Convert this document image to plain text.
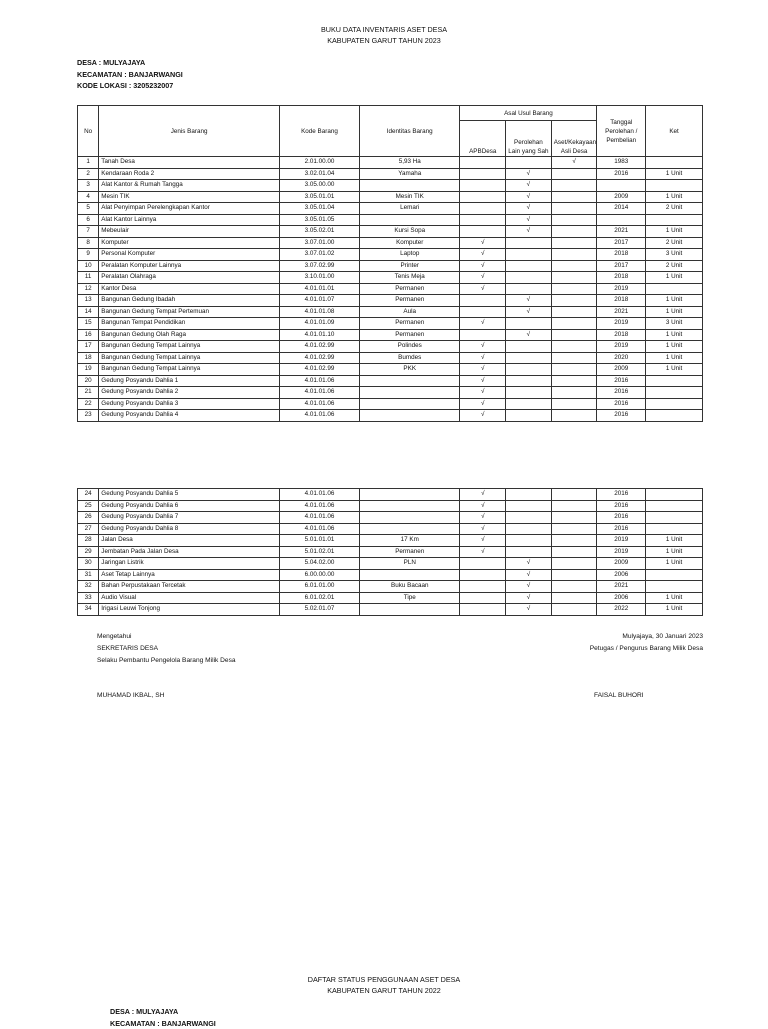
BUKU DATA INVENTARIS ASET DESA
KABUPATEN GARUT TAHUN 2023
DESA : MULYAJAYA
KECAMATAN : BANJARWANGI
KODE LOKASI : 3205232007
No	Jenis Barang	Kode Barang	Identitas Barang	Asal Usul Barang			Tanggal Perolehan / Pembelian	Ket
				APBDesa	Perolehan Lain yang Sah	Aset/Kekayaan Asli Desa		
1	Tanah Desa	2.01.00.00	5,93 Ha			√	1983	
2	Kendaraan Roda 2	3.02.01.04	Yamaha		√		2016	1 Unit
3	Alat Kantor & Rumah Tangga	3.05.00.00			√			
4	Mesin TIK	3.05.01.01	Mesin TIK		√		2009	1 Unit
5	Alat Penyimpan Perelengkapan Kantor	3.05.01.04	Lemari		√		2014	2 Unit
6	Alat Kantor Lainnya	3.05.01.05			√			
7	Mebeulair	3.05.02.01	Kursi Sopa		√		2021	1 Unit
8	Komputer	3.07.01.00	Komputer	√			2017	2 Unit
9	Personal Komputer	3.07.01.02	Laptop	√			2018	3 Unit
10	Peralatan Komputer Lainnya	3.07.02.99	Printer	√			2017	2 Unit
11	Peralatan Olahraga	3.10.01.00	Tenis Meja	√			2018	1 Unit
12	Kantor Desa	4.01.01.01	Permanen	√			2019	
13	Bangunan Gedung Ibadah	4.01.01.07	Permanen		√		2018	1 Unit
14	Bangunan Gedung Tempat Pertemuan	4.01.01.08	Aula		√		2021	1 Unit
15	Bangunan Tempat Pendidikan	4.01.01.09	Permanen	√			2019	3 Unit
16	Bangunan Gedung Olah Raga	4.01.01.10	Permanen		√		2018	1 Unit
17	Bangunan Gedung Tempat Lainnya	4.01.02.99	Polindes	√			2019	1 Unit
18	Bangunan Gedung Tempat Lainnya	4.01.02.99	Bumdes	√			2020	1 Unit
19	Bangunan Gedung Tempat Lainnya	4.01.02.99	PKK	√			2009	1 Unit
20	Gedung Posyandu Dahlia 1	4.01.01.06		√			2016	
21	Gedung Posyandu Dahlia 2	4.01.01.06		√			2016	
22	Gedung Posyandu Dahlia 3	4.01.01.06		√			2016	
23	Gedung Posyandu Dahlia 4	4.01.01.06		√			2016	
24	Gedung Posyandu Dahlia 5	4.01.01.06		√			2016	
25	Gedung Posyandu Dahlia 6	4.01.01.06		√			2016	
26	Gedung Posyandu Dahlia 7	4.01.01.06		√			2016	
27	Gedung Posyandu Dahlia 8	4.01.01.06		√			2016	
28	Jalan Desa	5.01.01.01	17 Km	√			2019	1 Unit
29	Jembatan Pada Jalan Desa	5.01.02.01	Permanen	√			2019	1 Unit
30	Jaringan Listrik	5.04.02.00	PLN		√		2009	1 Unit
31	Aset Tetap Lainnya	6.00.00.00			√		2006	
32	Bahan Perpustakaan Tercetak	6.01.01.00	Buku Bacaan		√		2021	
33	Audio Visual	6.01.02.01	Tipe		√		2006	1 Unit
34	Irigasi Leuwi Tonjong	5.02.01.07			√		2022	1 Unit
Mengetahui
SEKRETARIS DESA
Selaku Pembantu Pengelola Barang Milik Desa
MUHAMAD IKBAL, SH
Mulyajaya, 30 Januari 2023
Petugas / Pengurus Barang Milik Desa
FAISAL BUHORI
DAFTAR STATUS PENGGUNAAN ASET DESA
KABUPATEN GARUT TAHUN 2022
DESA : MULYAJAYA
KECAMATAN : BANJARWANGI
